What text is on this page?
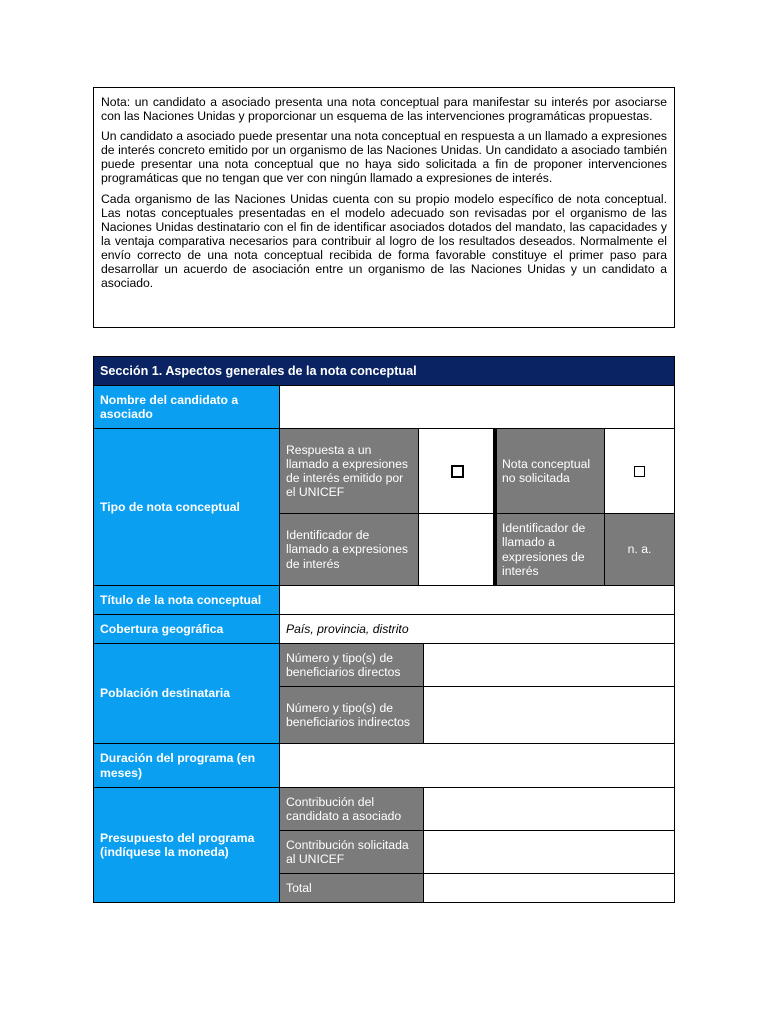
Nota: un candidato a asociado presenta una nota conceptual para manifestar su interés por asociarse con las Naciones Unidas y proporcionar un esquema de las intervenciones programáticas propuestas.

Un candidato a asociado puede presentar una nota conceptual en respuesta a un llamado a expresiones de interés concreto emitido por un organismo de las Naciones Unidas. Un candidato a asociado también puede presentar una nota conceptual que no haya sido solicitada a fin de proponer intervenciones programáticas que no tengan que ver con ningún llamado a expresiones de interés.

Cada organismo de las Naciones Unidas cuenta con su propio modelo específico de nota conceptual. Las notas conceptuales presentadas en el modelo adecuado son revisadas por el organismo de las Naciones Unidas destinatario con el fin de identificar asociados dotados del mandato, las capacidades y la ventaja comparativa necesarios para contribuir al logro de los resultados deseados. Normalmente el envío correcto de una nota conceptual recibida de forma favorable constituye el primer paso para desarrollar un acuerdo de asociación entre un organismo de las Naciones Unidas y un candidato a asociado.

Sección 1. Aspectos generales de la nota conceptual
Nombre del candidato a asociado
Tipo de nota conceptual
Respuesta a un llamado a expresiones de interés emitido por el UNICEF
Nota conceptual no solicitada
Identificador de llamado a expresiones de interés
Identificador de llamado a expresiones de interés
n. a.
Título de la nota conceptual
Cobertura geográfica	País, provincia, distrito
Población destinataria
Número y tipo(s) de beneficiarios directos
Número y tipo(s) de beneficiarios indirectos
Duración del programa (en meses)
Presupuesto del programa (indíquese la moneda)
Contribución del candidato a asociado
Contribución solicitada al UNICEF
Total
